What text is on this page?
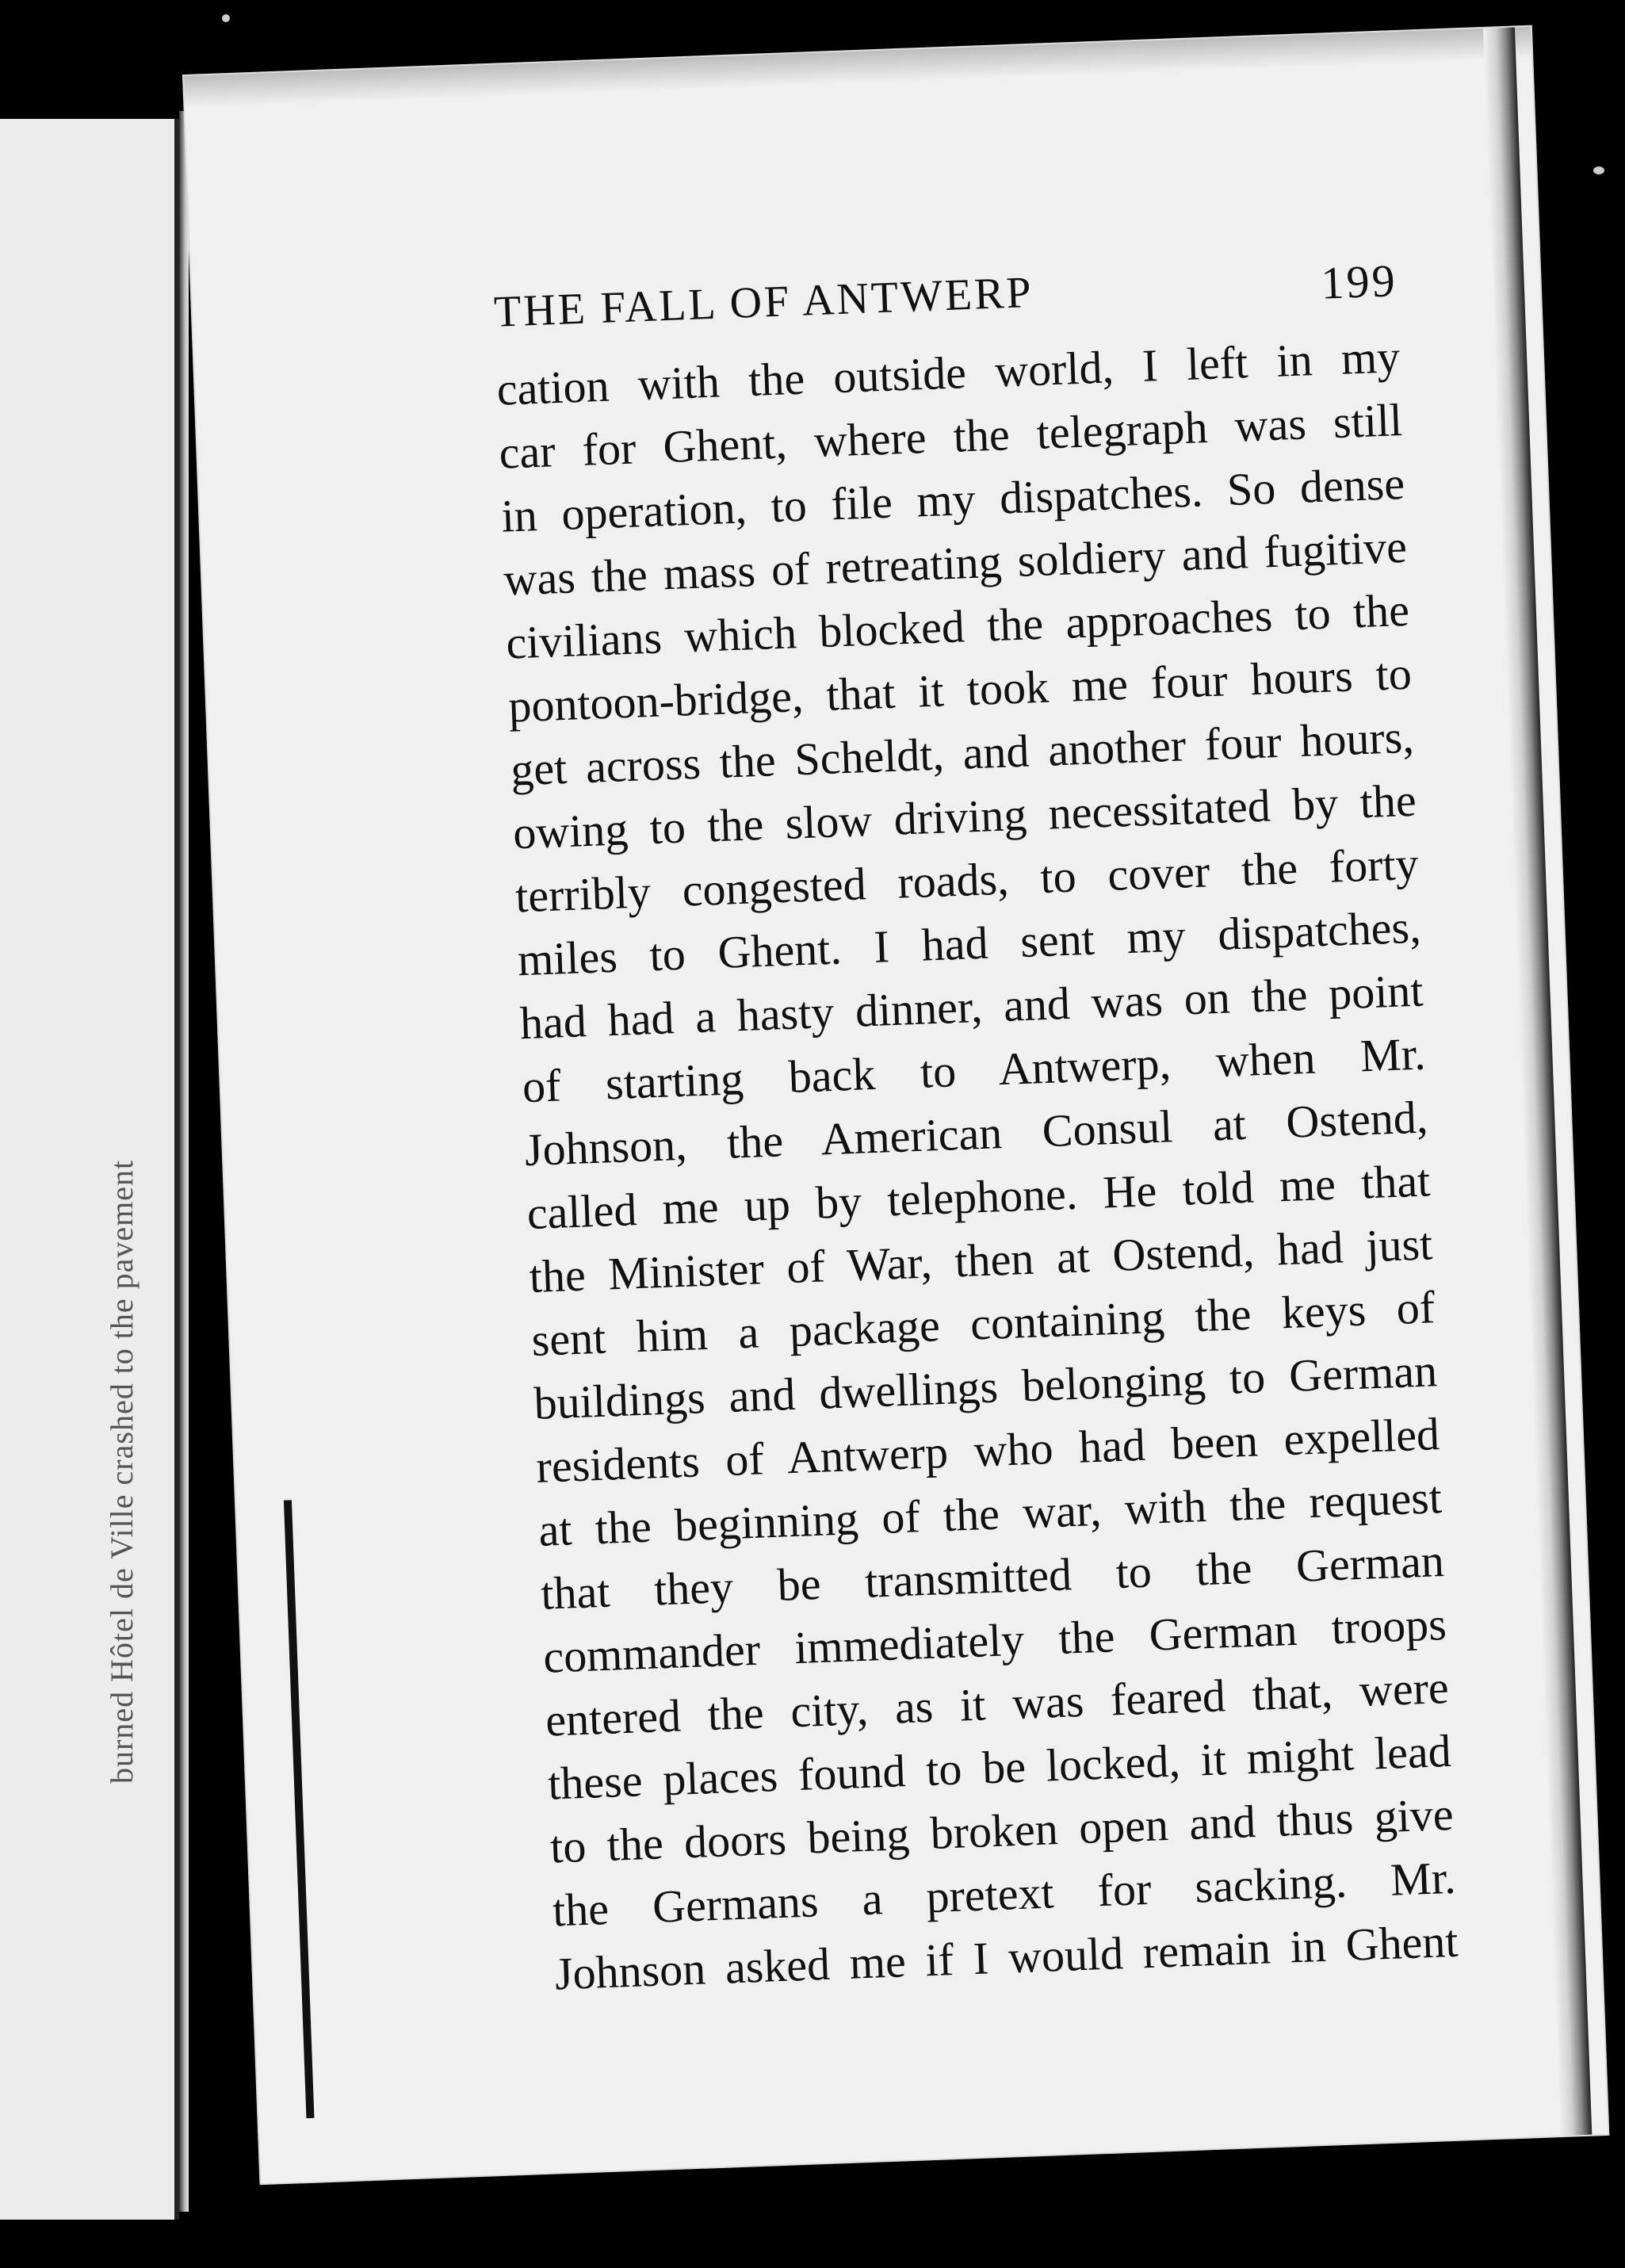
burned Hôtel de Ville crashed to the pavement
THE FALL OF ANTWERP	199
cation with the outside world, I left in my
car for Ghent, where the telegraph was still
in operation, to file my dispatches. So dense
was the mass of retreating soldiery and fugitive
civilians which blocked the approaches to the
pontoon-bridge, that it took me four hours to
get across the Scheldt, and another four hours,
owing to the slow driving necessitated by the
terribly congested roads, to cover the forty
miles to Ghent. I had sent my dispatches,
had had a hasty dinner, and was on the point
of starting back to Antwerp, when Mr.
Johnson, the American Consul at Ostend,
called me up by telephone. He told me that
the Minister of War, then at Ostend, had just
sent him a package containing the keys of
buildings and dwellings belonging to German
residents of Antwerp who had been expelled
at the beginning of the war, with the request
that they be transmitted to the German
commander immediately the German troops
entered the city, as it was feared that, were
these places found to be locked, it might lead
to the doors being broken open and thus give
the Germans a pretext for sacking. Mr.
Johnson asked me if I would remain in Ghent
